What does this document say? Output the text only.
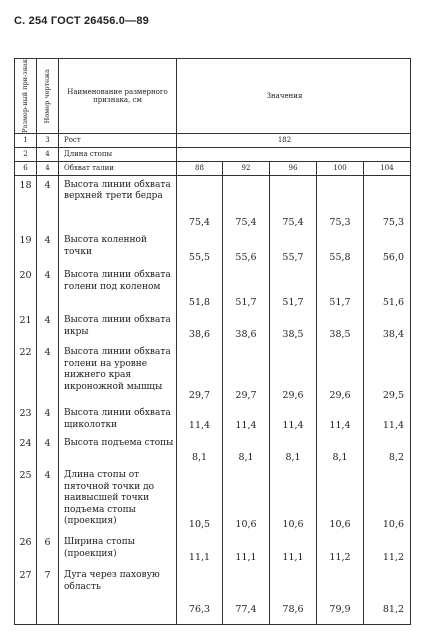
С. 254 ГОСТ 26456.0—89
Размер-ный при-знак	Номер чертежа	Наименование размерного признака, см	Значения				
1	3	Рост	182				
2	4	Длина стопы					
6	4	Обхват талии	88	92	96	100	104
18	4	Высота линии обхвата верхней трети бедра	75,4	75,4	75,4	75,3	75,3
19	4	Высота коленной точки	55,5	55,6	55,7	55,8	56,0
20	4	Высота линии обхвата голени под коленом	51,8	51,7	51,7	51,7	51,6
21	4	Высота линии обхвата икры	38,6	38,6	38,5	38,5	38,4
22	4	Высота линии обхвата голени на уровне нижнего края икроножной мышцы	29,7	29,7	29,6	29,6	29,5
23	4	Высота линии обхвата щиколотки	11,4	11,4	11,4	11,4	11,4
24	4	Высота подъема стопы	8,1	8,1	8,1	8,1	8,2
25	4	Длина стопы от пяточной точки до наивысшей точки подъема стопы (проекция)	10,5	10,6	10,6	10,6	10,6
26	6	Ширина стопы (проекция)	11,1	11,1	11,1	11,2	11,2
27	7	Дуга через паховую область	76,3	77,4	78,6	79,9	81,2
